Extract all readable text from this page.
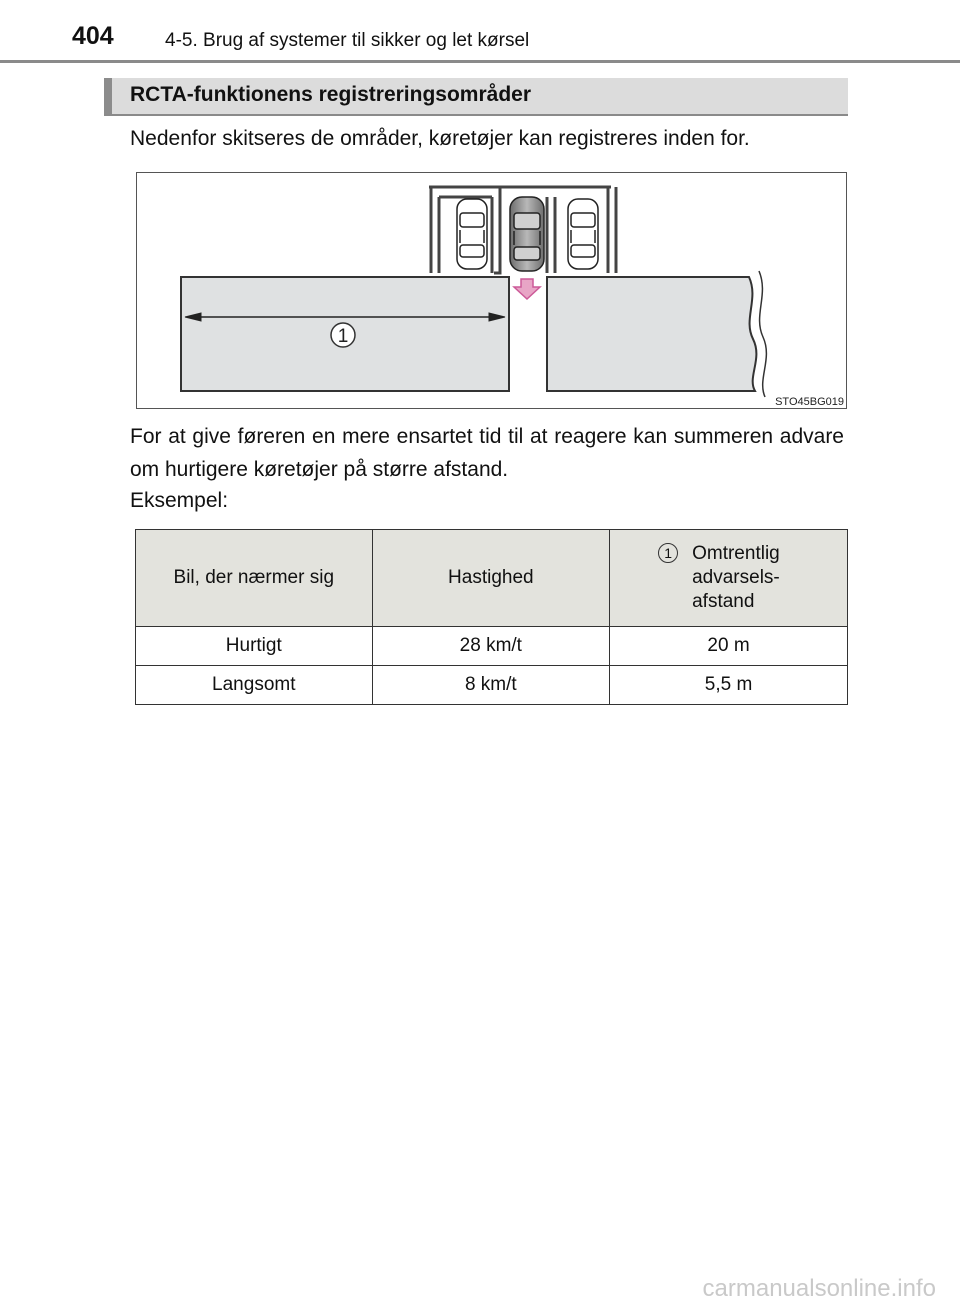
404	4-5. Brug af systemer til sikker og let kørsel
RCTA-funktionens registreringsområder
Nedenfor skitseres de områder, køretøjer kan registreres inden for.
1
STO45BG019
For at give føreren en mere ensartet tid til at reagere kan summeren advare om hurtigere køretøjer på større afstand.
Eksempel:
Bil, der nærmer sig	Hastighed	1 Omtrentlig advarsels-afstand

Hurtigt	28 km/t	20 m
Langsomt	8 km/t	5,5 m
carmanualsonline.info
